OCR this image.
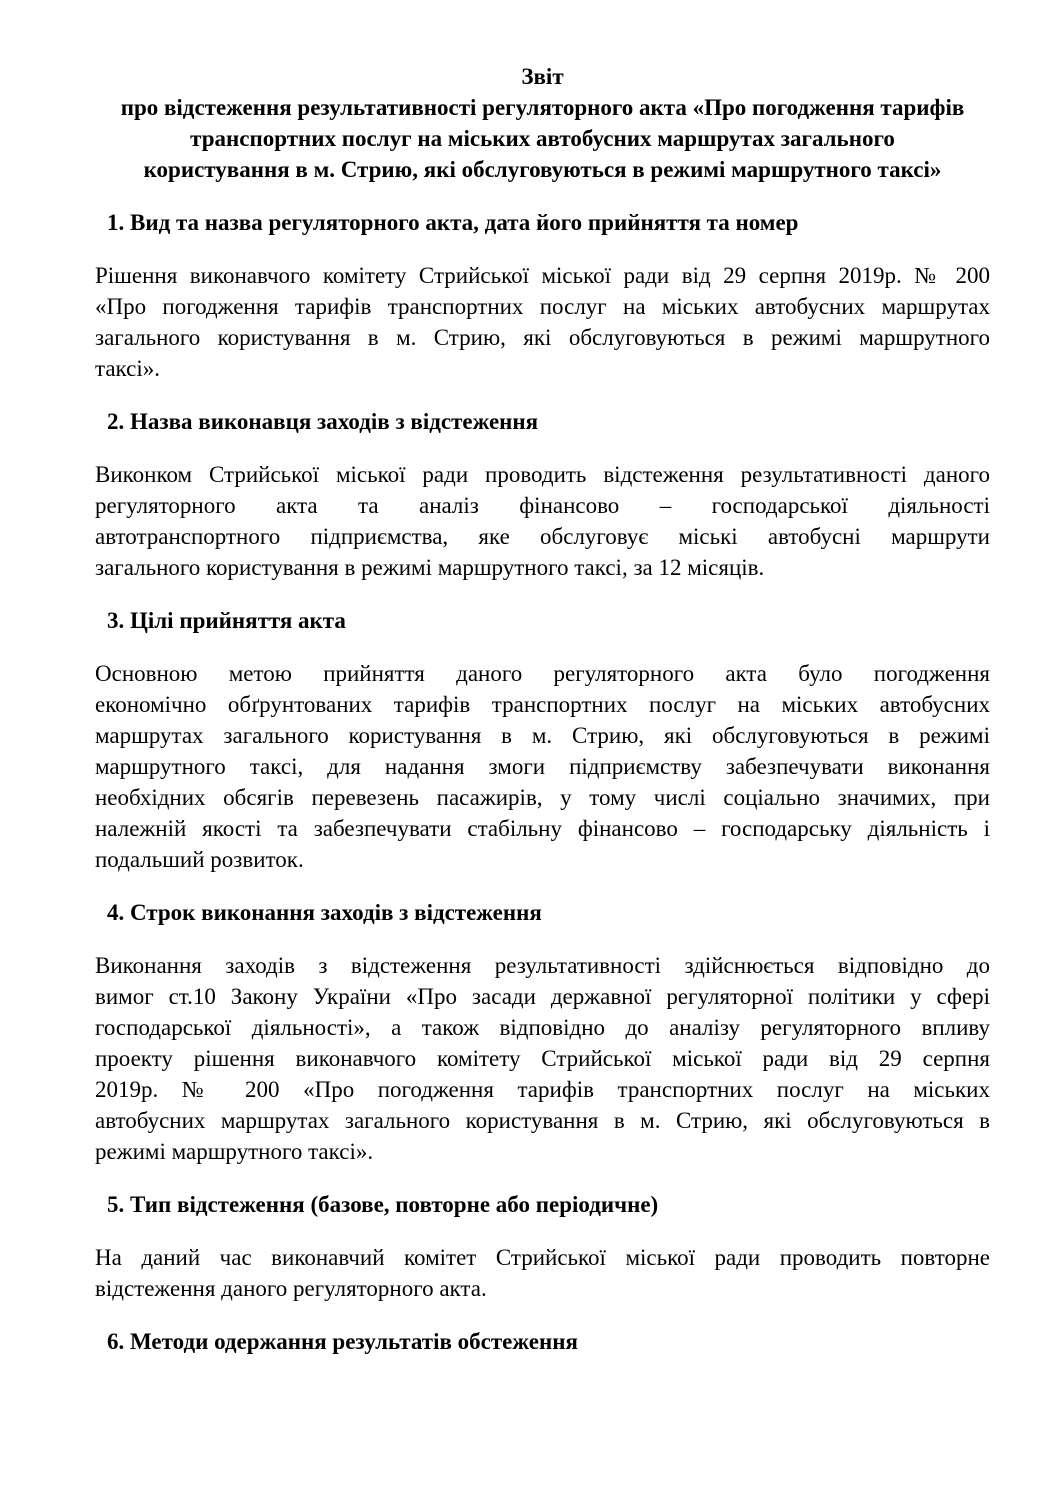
Звіт
про відстеження результативності регуляторного акта «Про погодження тарифів
транспортних послуг на міських автобусних маршрутах загального
користування в м. Стрию, які обслуговуються в режимі маршрутного таксі»
1. Вид та назва регуляторного акта, дата його прийняття та номер
Рішення виконавчого комітету Стрийської міської ради від 29 серпня 2019р. № 200
«Про погодження тарифів транспортних послуг на міських автобусних маршрутах
загального користування в м. Стрию, які обслуговуються в режимі маршрутного
таксі».
2. Назва виконавця заходів з відстеження
Виконком Стрийської міської ради проводить відстеження результативності даного
регуляторного акта та аналіз фінансово – господарської діяльності
автотранспортного підприємства, яке обслуговує міські автобусні маршрути
загального користування в режимі маршрутного таксі, за 12 місяців.
3. Цілі прийняття акта
Основною метою прийняття даного регуляторного акта було погодження
економічно обґрунтованих тарифів транспортних послуг на міських автобусних
маршрутах загального користування в м. Стрию, які обслуговуються в режимі
маршрутного таксі, для надання змоги підприємству забезпечувати виконання
необхідних обсягів перевезень пасажирів, у тому числі соціально значимих, при
належній якості та забезпечувати стабільну фінансово – господарську діяльність і
подальший розвиток.
4. Строк виконання заходів з відстеження
Виконання заходів з відстеження результативності здійснюється відповідно до
вимог ст.10 Закону України «Про засади державної регуляторної політики у сфері
господарської діяльності», а також відповідно до аналізу регуляторного впливу
проекту рішення виконавчого комітету Стрийської міської ради від 29 серпня
2019р. № 200 «Про погодження тарифів транспортних послуг на міських
автобусних маршрутах загального користування в м. Стрию, які обслуговуються в
режимі маршрутного таксі».
5. Тип відстеження (базове, повторне або періодичне)
На даний час виконавчий комітет Стрийської міської ради проводить повторне
відстеження даного регуляторного акта.
6. Методи одержання результатів обстеження
